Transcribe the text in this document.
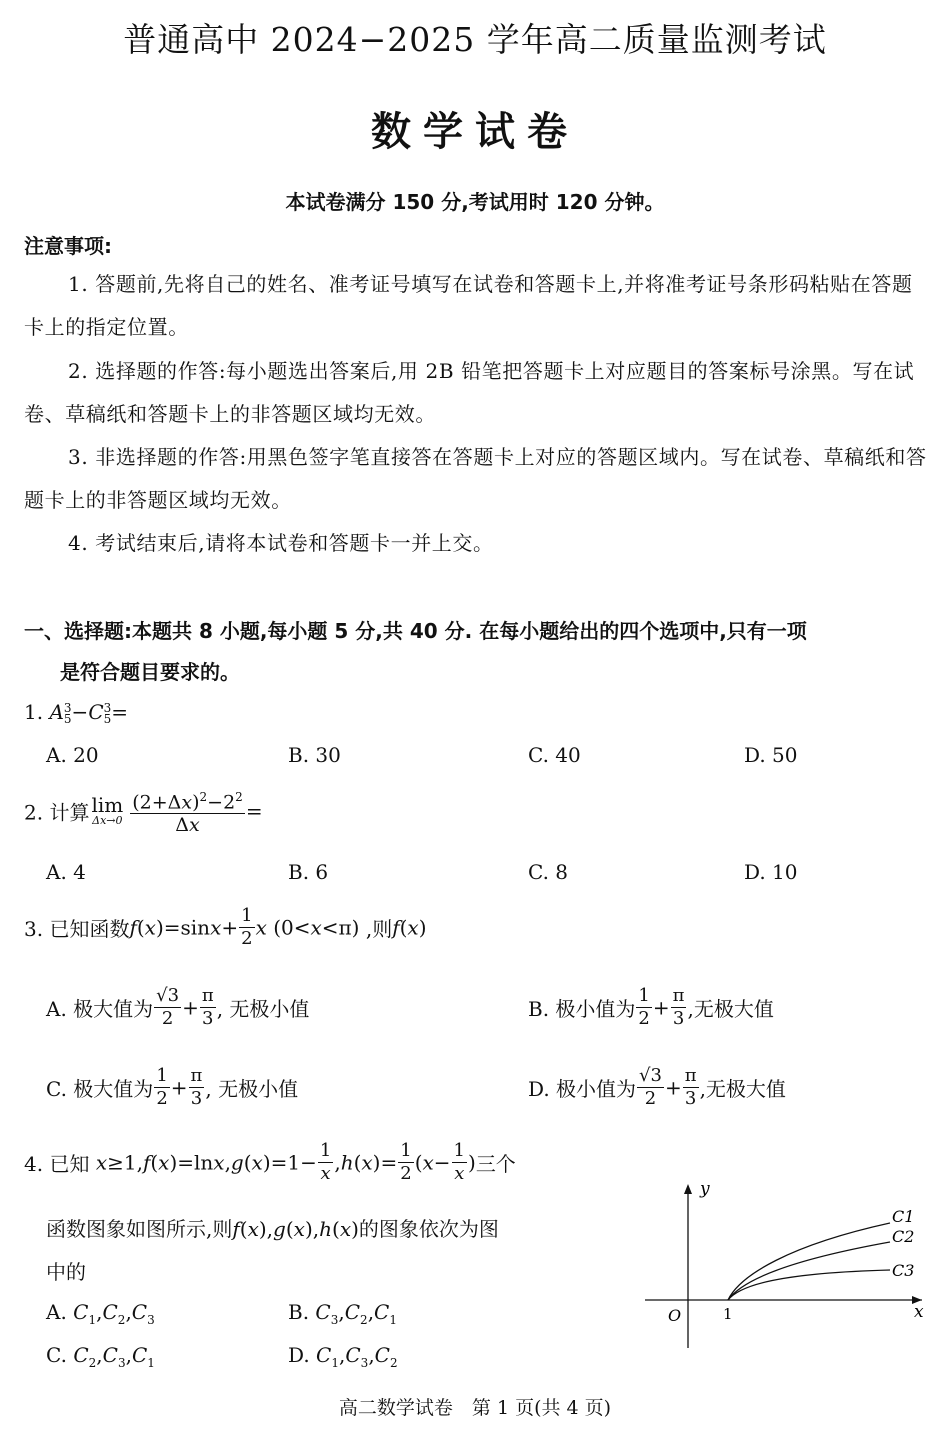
普通高中 2024−2025 学年高二质量监测考试
数学试卷
本试卷满分 150 分,考试用时 120 分钟。
注意事项:
1. 答题前,先将自己的姓名、准考证号填写在试卷和答题卡上,并将准考证号条形码粘贴在答题卡上的指定位置。
2. 选择题的作答:每小题选出答案后,用 2B 铅笔把答题卡上对应题目的答案标号涂黑。写在试卷、草稿纸和答题卡上的非答题区域均无效。
3. 非选择题的作答:用黑色签字笔直接答在答题卡上对应的答题区域内。写在试卷、草稿纸和答题卡上的非答题区域均无效。
4. 考试结束后,请将本试卷和答题卡一并上交。
一、选择题:本题共 8 小题,每小题 5 分,共 40 分. 在每小题给出的四个选项中,只有一项
是符合题目要求的。
1. A 3
5 −C 3
5 =
A. 20	B. 30	C. 40	D. 50
2. 计算 lim
$\Delta x\to 0 \frac{(2+\Delta x)^2-2^2}{\Delta x}$ =
A. 4	B. 6	C. 8	D. 10
3. 已知函数$f(x)=\sin x+ \frac{1}{2}$ x (0<x<π) ,则f(x)
A. 极大值为 $\frac{√3}{2} + \frac{\pi}{3}$ , 无极小值	B. 极小值为 $\frac{1}{2} + \frac{\pi}{3}$ ,无极大值
C. 极大值为 $\frac{1}{2} + \frac{\pi}{3}$ , 无极小值	D. 极小值为 $\frac{√3}{2} + \frac{\pi}{3}$ ,无极大值
4. 已知 $x\ge 1,f(x)=\ln x,g(x)=1- \frac{1}{x} ,h(x)= \frac{1}{2} (x- \frac{1}{x}$ )三个
函数图象如图所示,则f(x),g(x),h(x)的图象依次为图
中的
A. $C_1,C_2,C_3$	B. $C_3,C_2,C_1$
C. $C_2,C_3,C_1$	D. $C_1,C_3,C_2$
y
x
O	1
C1
C2
C3
高二数学试卷　第 1 页(共 4 页)
